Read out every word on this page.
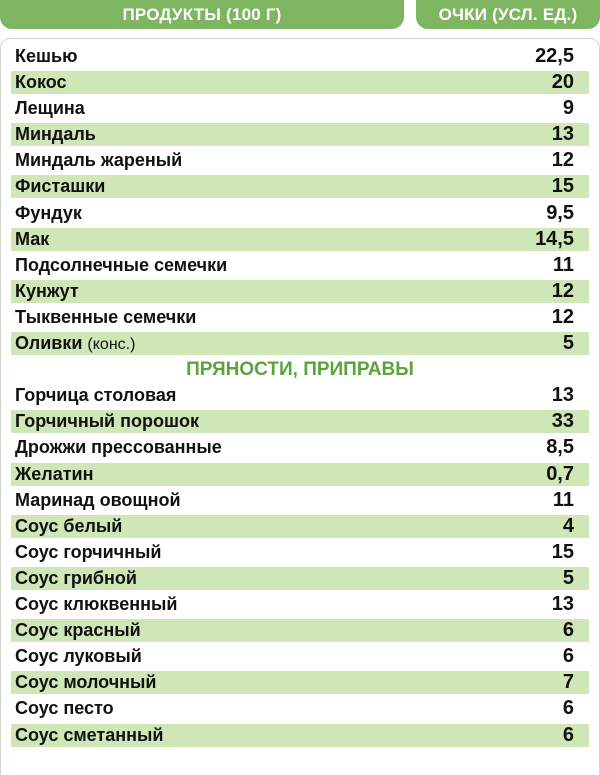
ПРОДУКТЫ (100 Г)	ОЧКИ (УСЛ. ЕД.)
Кешью	22,5
Кокос	20
Лещина	9
Миндаль	13
Миндаль жареный	12
Фисташки	15
Фундук	9,5
Мак	14,5
Подсолнечные семечки	11
Кунжут	12
Тыквенные семечки	12
Оливки (конс.)	5
ПРЯНОСТИ, ПРИПРАВЫ
Горчица столовая	13
Горчичный порошок	33
Дрожжи прессованные	8,5
Желатин	0,7
Маринад овощной	11
Соус белый	4
Соус горчичный	15
Соус грибной	5
Соус клюквенный	13
Соус красный	6
Соус луковый	6
Соус молочный	7
Соус песто	6
Соус сметанный	6
